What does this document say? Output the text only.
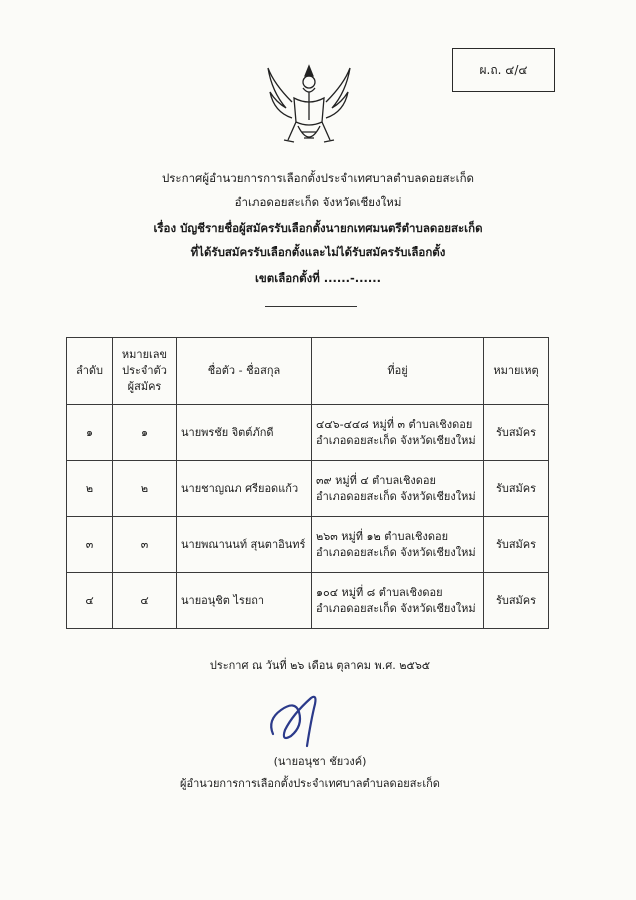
ผ.ถ. ๔/๔
ประกาศผู้อำนวยการการเลือกตั้งประจำเทศบาลตำบลดอยสะเก็ด
อำเภอดอยสะเก็ด จังหวัดเชียงใหม่
เรื่อง บัญชีรายชื่อผู้สมัครรับเลือกตั้งนายกเทศมนตรีตำบลดอยสะเก็ด
ที่ได้รับสมัครรับเลือกตั้งและไม่ได้รับสมัครรับเลือกตั้ง
เขตเลือกตั้งที่ ......-......
ลำดับ	หมายเลข
ประจำตัว
ผู้สมัคร	ชื่อตัว - ชื่อสกุล	ที่อยู่	หมายเหตุ
๑	๑	นายพรชัย จิตต์ภักดี	๔๔๖-๔๔๘ หมู่ที่ ๓ ตำบลเชิงดอย
อำเภอดอยสะเก็ด จังหวัดเชียงใหม่	รับสมัคร
๒	๒	นายชาญณภ ศรียอดแก้ว	๓๙ หมู่ที่ ๔ ตำบลเชิงดอย
อำเภอดอยสะเก็ด จังหวัดเชียงใหม่	รับสมัคร
๓	๓	นายพณานนท์ สุนตาอินทร์	๒๖๓ หมู่ที่ ๑๒ ตำบลเชิงดอย
อำเภอดอยสะเก็ด จังหวัดเชียงใหม่	รับสมัคร
๔	๔	นายอนุชิต ไรยถา	๑๐๔ หมู่ที่ ๘ ตำบลเชิงดอย
อำเภอดอยสะเก็ด จังหวัดเชียงใหม่	รับสมัคร
ประกาศ ณ วันที่ ๒๖ เดือน ตุลาคม พ.ศ. ๒๕๖๕
(นายอนุชา ชัยวงค์)
ผู้อำนวยการการเลือกตั้งประจำเทศบาลตำบลดอยสะเก็ด
